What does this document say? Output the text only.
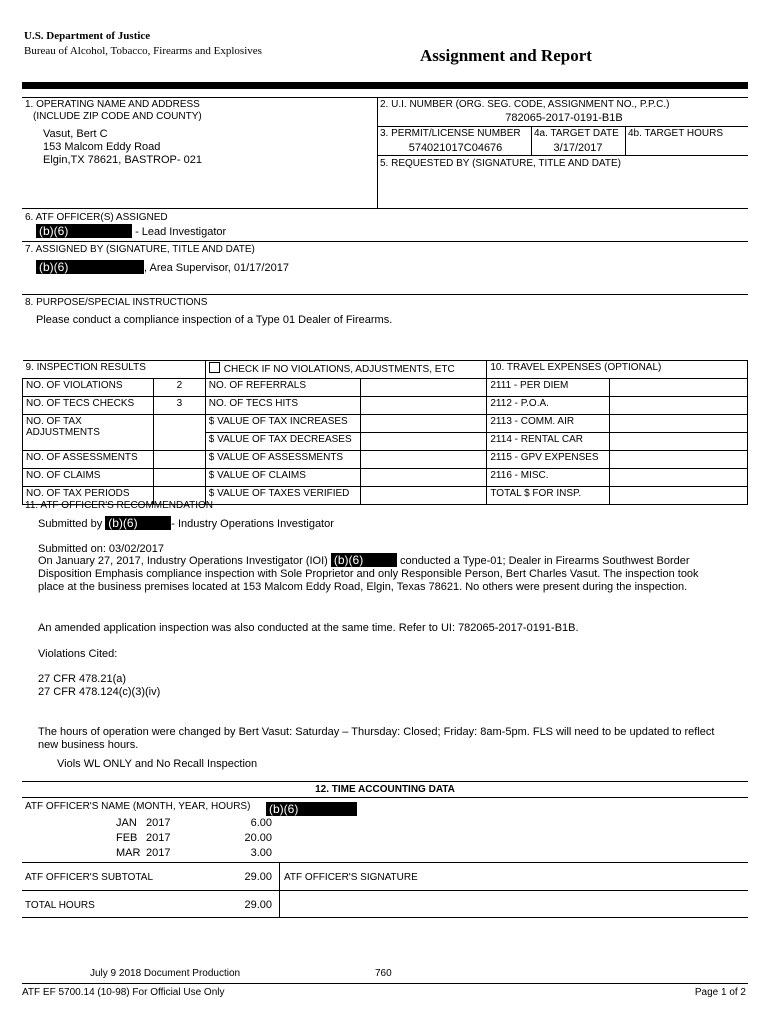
U.S. Department of Justice
Bureau of Alcohol, Tobacco, Firearms and Explosives	Assignment and Report
1. OPERATING NAME AND ADDRESS
(INCLUDE ZIP CODE AND COUNTY)
Vasut, Bert C
153 Malcom Eddy Road
Elgin,TX 78621, BASTROP- 021
2. U.I. NUMBER (ORG. SEG. CODE, ASSIGNMENT NO., P.P.C.)
782065-2017-0191-B1B
3. PERMIT/LICENSE NUMBER
574021017C04676
4a. TARGET DATE
3/17/2017
4b. TARGET HOURS
5. REQUESTED BY (SIGNATURE, TITLE AND DATE)
6. ATF OFFICER(S) ASSIGNED
(b)(6)	- Lead Investigator
7. ASSIGNED BY (SIGNATURE, TITLE AND DATE)
(b)(6)	, Area Supervisor, 01/17/2017
8. PURPOSE/SPECIAL INSTRUCTIONS
Please conduct a compliance inspection of a Type 01 Dealer of Firearms.
9. INSPECTION RESULTS		CHECK IF NO VIOLATIONS, ADJUSTMENTS, ETC		10. TRAVEL EXPENSES (OPTIONAL)	
NO. OF VIOLATIONS	2	NO. OF REFERRALS		2111 - PER DIEM	
NO. OF TECS CHECKS	3	NO. OF TECS HITS		2112 - P.O.A.	
NO. OF TAX ADJUSTMENTS		$ VALUE OF TAX INCREASES		2113 - COMM. AIR	
		$ VALUE OF TAX DECREASES		2114 - RENTAL CAR	
NO. OF ASSESSMENTS		$ VALUE OF ASSESSMENTS		2115 - GPV EXPENSES	
NO. OF CLAIMS		$ VALUE OF CLAIMS		2116 - MISC.	
NO. OF TAX PERIODS		$ VALUE OF TAXES VERIFIED		TOTAL $ FOR INSP.	
11. ATF OFFICER'S RECOMMENDATION
Submitted by (b)(6)	- Industry Operations Investigator
Submitted on: 03/02/2017
On January 27, 2017, Industry Operations Investigator (IOI) (b)(6)	conducted a Type-01; Dealer in Firearms Southwest Border Disposition Emphasis compliance inspection with Sole Proprietor and only Responsible Person, Bert Charles Vasut. The inspection took place at the business premises located at 153 Malcom Eddy Road, Elgin, Texas 78621. No others were present during the inspection.
An amended application inspection was also conducted at the same time. Refer to UI: 782065-2017-0191-B1B.
Violations Cited:
27 CFR 478.21(a)
27 CFR 478.124(c)(3)(iv)
The hours of operation were changed by Bert Vasut: Saturday – Thursday: Closed; Friday: 8am-5pm. FLS will need to be updated to reflect new business hours.
Viols WL ONLY and No Recall Inspection
12. TIME ACCOUNTING DATA
ATF OFFICER'S NAME (MONTH, YEAR, HOURS) (b)(6)
JAN 2017	6.00
FEB 2017	20.00
MAR 2017	3.00
ATF OFFICER'S SUBTOTAL	29.00 ATF OFFICER'S SIGNATURE
TOTAL HOURS	29.00
July 9 2018 Document Production	760
ATF EF 5700.14 (10-98) For Official Use Only	Page 1 of 2
